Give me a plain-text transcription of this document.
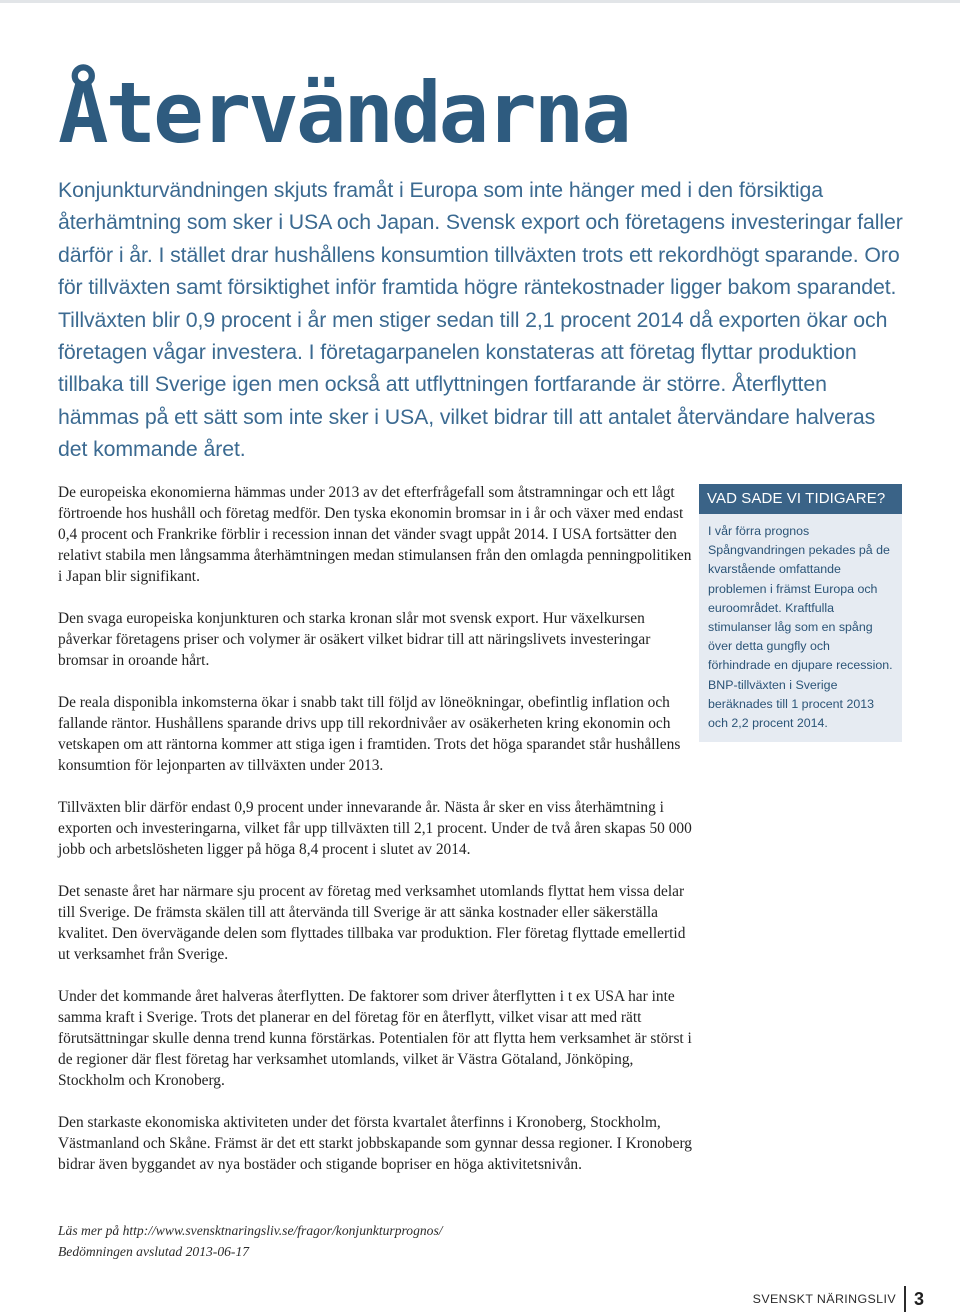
Återvändarna

Konjunkturvändningen skjuts framåt i Europa som inte hänger med i den försiktiga återhämtning som sker i USA och Japan. Svensk export och företagens investeringar faller därför i år. I stället drar hushållens konsumtion tillväxten trots ett rekordhögt sparande. Oro för tillväxten samt försiktighet inför framtida högre räntekostnader ligger bakom sparandet. Tillväxten blir 0,9 procent i år men stiger sedan till 2,1 procent 2014 då exporten ökar och företagen vågar investera. I företagarpanelen konstateras att företag flyttar produktion tillbaka till Sverige igen men också att utflyttningen fortfarande är större. Återflytten hämmas på ett sätt som inte sker i USA, vilket bidrar till att antalet återvändare halveras det kommande året.

De europeiska ekonomierna hämmas under 2013 av det efterfrågefall som åtstramningar och ett lågt förtroende hos hushåll och företag medför. Den tyska ekonomin bromsar in i år och växer med endast 0,4 procent och Frankrike förblir i recession innan det vänder svagt uppåt 2014. I USA fortsätter den relativt stabila men långsamma återhämtningen medan stimulansen från den omlagda penningpolitiken i Japan blir signifikant.

Den svaga europeiska konjunkturen och starka kronan slår mot svensk export. Hur växelkursen påverkar företagens priser och volymer är osäkert vilket bidrar till att näringslivets investeringar bromsar in oroande hårt.

De reala disponibla inkomsterna ökar i snabb takt till följd av löneökningar, obefintlig inflation och fallande räntor. Hushållens sparande drivs upp till rekordnivåer av osäkerheten kring ekonomin och vetskapen om att räntorna kommer att stiga igen i framtiden. Trots det höga sparandet står hushållens konsumtion för lejonparten av tillväxten under 2013.

Tillväxten blir därför endast 0,9 procent under innevarande år. Nästa år sker en viss återhämtning i exporten och investeringarna, vilket får upp tillväxten till 2,1 procent. Under de två åren skapas 50 000 jobb och arbetslösheten ligger på höga 8,4 procent i slutet av 2014.

Det senaste året har närmare sju procent av företag med verksamhet utomlands flyttat hem vissa delar till Sverige. De främsta skälen till att återvända till Sverige är att sänka kostnader eller säkerställa kvalitet. Den övervägande delen som flyttades tillbaka var produktion. Fler företag flyttade emellertid ut verksamhet från Sverige.

Under det kommande året halveras återflytten. De faktorer som driver återflytten i t ex USA har inte samma kraft i Sverige. Trots det planerar en del företag för en återflytt, vilket visar att med rätt förutsättningar skulle denna trend kunna förstärkas. Potentialen för att flytta hem verksamhet är störst i de regioner där flest företag har verksamhet utomlands, vilket är Västra Götaland, Jönköping, Stockholm och Kronoberg.

Den starkaste ekonomiska aktiviteten under det första kvartalet återfinns i Kronoberg, Stockholm, Västmanland och Skåne. Främst är det ett starkt jobbskapande som gynnar dessa regioner. I Kronoberg bidrar även byggandet av nya bostäder och stigande bopriser en höga aktivitetsnivån.

Läs mer på http://www.svensktnaringsliv.se/fragor/konjunkturprognos/
Bedömningen avslutad 2013-06-17
VAD SADE VI TIDIGARE?

I vår förra prognos Spångvandringen pekades på de kvarstående omfattande problemen i främst Europa och euroområdet. Kraftfulla stimulanser låg som en spång över detta gungfly och förhindrade en djupare recession. BNP-tillväxten i Sverige beräknades till 1 procent 2013 och 2,2 procent 2014.

SVENSKT NÄRINGSLIV 3
